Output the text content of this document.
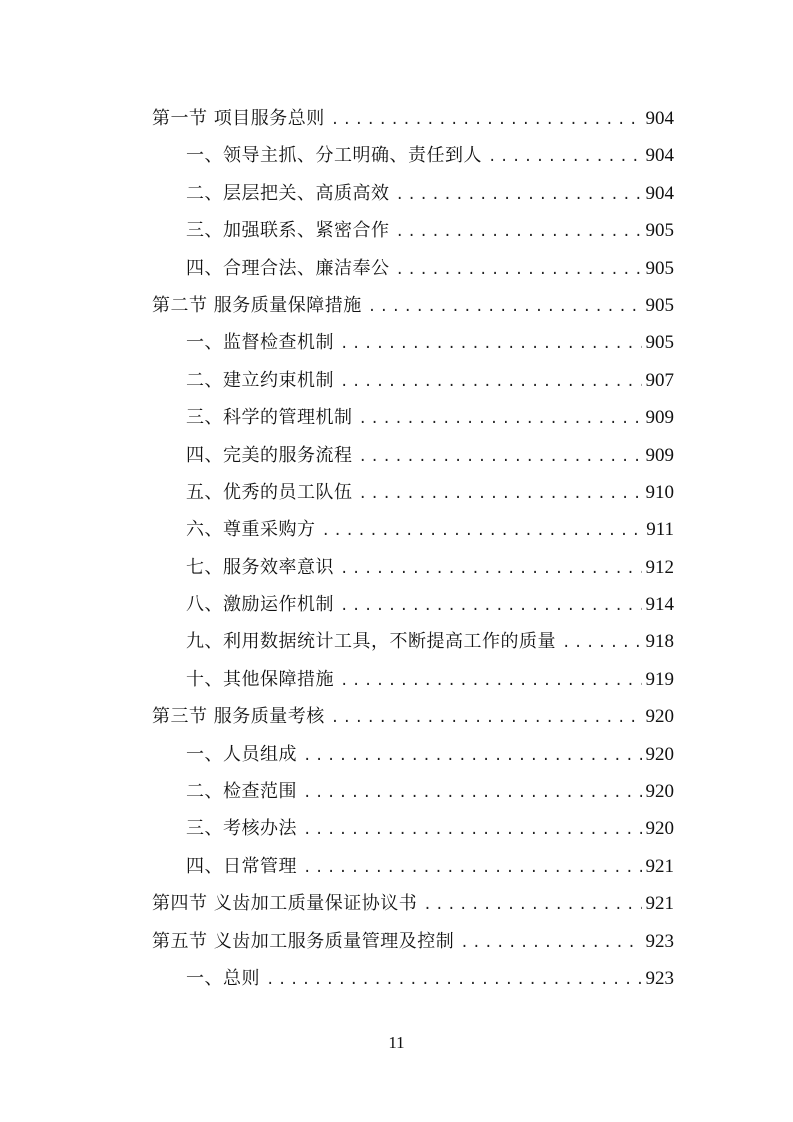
第一节 项目服务总则 .....	904
一、领导主抓、分工明确、责任到人 .....	904
二、层层把关、高质高效 .....	904
三、加强联系、紧密合作 .....	905
四、合理合法、廉洁奉公 .....	905
第二节 服务质量保障措施 .....	905
一、监督检查机制 .....	905
二、建立约束机制 .....	907
三、科学的管理机制 .....	909
四、完美的服务流程 .....	909
五、优秀的员工队伍 .....	910
六、尊重采购方 .....	911
七、服务效率意识 .....	912
八、激励运作机制 .....	914
九、利用数据统计工具，不断提高工作的质量 .....	918
十、其他保障措施 .....	919
第三节 服务质量考核 .....	920
一、人员组成 .....	920
二、检查范围 .....	920
三、考核办法 .....	920
四、日常管理 .....	921
第四节 义齿加工质量保证协议书 .....	921
第五节 义齿加工服务质量管理及控制 .....	923
一、总则 .....	923
11
